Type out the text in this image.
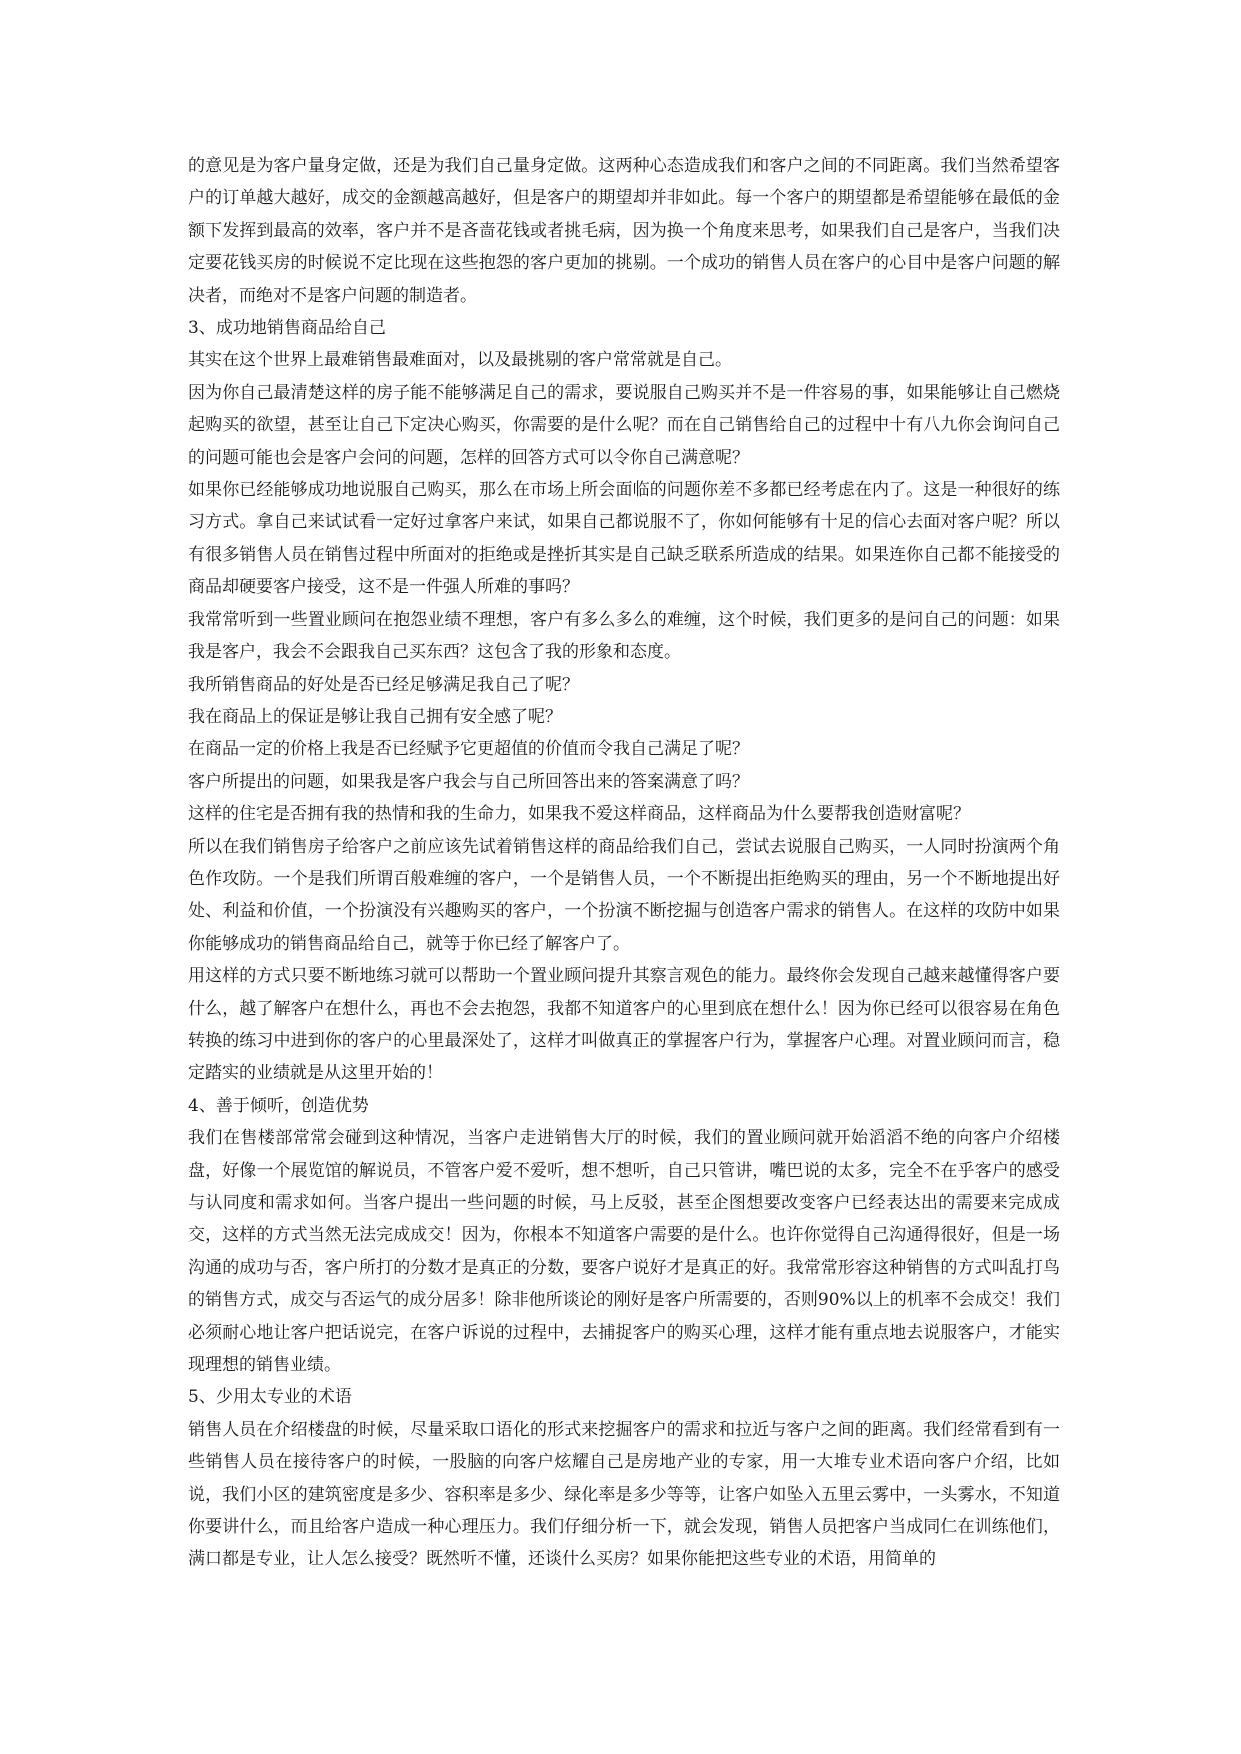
的意见是为客户量身定做，还是为我们自己量身定做。这两种心态造成我们和客户之间的不同距离。我们当然希望客户的订单越大越好，成交的金额越高越好，但是客户的期望却并非如此。每一个客户的期望都是希望能够在最低的金额下发挥到最高的效率，客户并不是吝啬花钱或者挑毛病，因为换一个角度来思考，如果我们自己是客户，当我们决定要花钱买房的时候说不定比现在这些抱怨的客户更加的挑剔。一个成功的销售人员在客户的心目中是客户问题的解决者，而绝对不是客户问题的制造者。

3、成功地销售商品给自己

其实在这个世界上最难销售最难面对，以及最挑剔的客户常常就是自己。

因为你自己最清楚这样的房子能不能够满足自己的需求，要说服自己购买并不是一件容易的事，如果能够让自己燃烧起购买的欲望，甚至让自己下定决心购买，你需要的是什么呢？而在自己销售给自己的过程中十有八九你会询问自己的问题可能也会是客户会问的问题，怎样的回答方式可以令你自己满意呢？

如果你已经能够成功地说服自己购买，那么在市场上所会面临的问题你差不多都已经考虑在内了。这是一种很好的练习方式。拿自己来试试看一定好过拿客户来试，如果自己都说服不了，你如何能够有十足的信心去面对客户呢？所以有很多销售人员在销售过程中所面对的拒绝或是挫折其实是自己缺乏联系所造成的结果。如果连你自己都不能接受的商品却硬要客户接受，这不是一件强人所难的事吗？

我常常听到一些置业顾问在抱怨业绩不理想，客户有多么多么的难缠，这个时候，我们更多的是问自己的问题：如果我是客户，我会不会跟我自己买东西？这包含了我的形象和态度。

我所销售商品的好处是否已经足够满足我自己了呢？

我在商品上的保证是够让我自己拥有安全感了呢？

在商品一定的价格上我是否已经赋予它更超值的价值而令我自己满足了呢？

客户所提出的问题，如果我是客户我会与自己所回答出来的答案满意了吗？

这样的住宅是否拥有我的热情和我的生命力，如果我不爱这样商品，这样商品为什么要帮我创造财富呢？

所以在我们销售房子给客户之前应该先试着销售这样的商品给我们自己，尝试去说服自己购买，一人同时扮演两个角色作攻防。一个是我们所谓百般难缠的客户，一个是销售人员，一个不断提出拒绝购买的理由，另一个不断地提出好处、利益和价值，一个扮演没有兴趣购买的客户，一个扮演不断挖掘与创造客户需求的销售人。在这样的攻防中如果你能够成功的销售商品给自己，就等于你已经了解客户了。

用这样的方式只要不断地练习就可以帮助一个置业顾问提升其察言观色的能力。最终你会发现自己越来越懂得客户要什么，越了解客户在想什么，再也不会去抱怨，我都不知道客户的心里到底在想什么！因为你已经可以很容易在角色转换的练习中进到你的客户的心里最深处了，这样才叫做真正的掌握客户行为，掌握客户心理。对置业顾问而言，稳定踏实的业绩就是从这里开始的！

4、善于倾听，创造优势

我们在售楼部常常会碰到这种情况，当客户走进销售大厅的时候，我们的置业顾问就开始滔滔不绝的向客户介绍楼盘，好像一个展览馆的解说员，不管客户爱不爱听，想不想听，自己只管讲，嘴巴说的太多，完全不在乎客户的感受与认同度和需求如何。当客户提出一些问题的时候，马上反驳，甚至企图想要改变客户已经表达出的需要来完成成交，这样的方式当然无法完成成交！因为，你根本不知道客户需要的是什么。也许你觉得自己沟通得很好，但是一场沟通的成功与否，客户所打的分数才是真正的分数，要客户说好才是真正的好。我常常形容这种销售的方式叫乱打鸟的销售方式，成交与否运气的成分居多！除非他所谈论的刚好是客户所需要的，否则90%以上的机率不会成交！我们必须耐心地让客户把话说完，在客户诉说的过程中，去捕捉客户的购买心理，这样才能有重点地去说服客户，才能实现理想的销售业绩。

5、少用太专业的术语

销售人员在介绍楼盘的时候，尽量采取口语化的形式来挖掘客户的需求和拉近与客户之间的距离。我们经常看到有一些销售人员在接待客户的时候，一股脑的向客户炫耀自己是房地产业的专家，用一大堆专业术语向客户介绍，比如说，我们小区的建筑密度是多少、容积率是多少、绿化率是多少等等，让客户如坠入五里云雾中，一头雾水，不知道你要讲什么，而且给客户造成一种心理压力。我们仔细分析一下，就会发现，销售人员把客户当成同仁在训练他们，满口都是专业，让人怎么接受？既然听不懂，还谈什么买房？如果你能把这些专业的术语，用简单的
